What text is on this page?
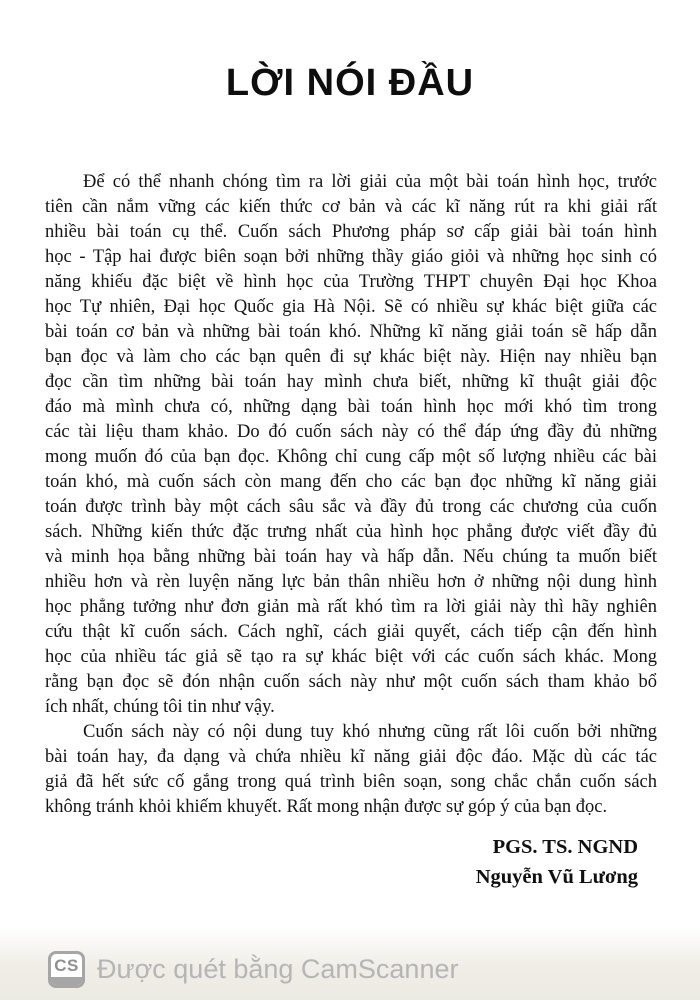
LỜI NÓI ĐẦU
Để có thể nhanh chóng tìm ra lời giải của một bài toán hình học, trước
tiên cần nắm vững các kiến thức cơ bản và các kĩ năng rút ra khi giải rất
nhiều bài toán cụ thể. Cuốn sách Phương pháp sơ cấp giải bài toán hình
học - Tập hai được biên soạn bởi những thầy giáo giỏi và những học sinh có
năng khiếu đặc biệt về hình học của Trường THPT chuyên Đại học Khoa
học Tự nhiên, Đại học Quốc gia Hà Nội. Sẽ có nhiều sự khác biệt giữa các
bài toán cơ bản và những bài toán khó. Những kĩ năng giải toán sẽ hấp dẫn
bạn đọc và làm cho các bạn quên đi sự khác biệt này. Hiện nay nhiều bạn
đọc cần tìm những bài toán hay mình chưa biết, những kĩ thuật giải độc
đáo mà mình chưa có, những dạng bài toán hình học mới khó tìm trong
các tài liệu tham khảo. Do đó cuốn sách này có thể đáp ứng đầy đủ những
mong muốn đó của bạn đọc. Không chỉ cung cấp một số lượng nhiều các bài
toán khó, mà cuốn sách còn mang đến cho các bạn đọc những kĩ năng giải
toán được trình bày một cách sâu sắc và đầy đủ trong các chương của cuốn
sách. Những kiến thức đặc trưng nhất của hình học phẳng được viết đầy đủ
và minh họa bằng những bài toán hay và hấp dẫn. Nếu chúng ta muốn biết
nhiều hơn và rèn luyện năng lực bản thân nhiều hơn ở những nội dung hình
học phẳng tưởng như đơn giản mà rất khó tìm ra lời giải này thì hãy nghiên
cứu thật kĩ cuốn sách. Cách nghĩ, cách giải quyết, cách tiếp cận đến hình
học của nhiều tác giả sẽ tạo ra sự khác biệt với các cuốn sách khác. Mong
rằng bạn đọc sẽ đón nhận cuốn sách này như một cuốn sách tham khảo bổ
ích nhất, chúng tôi tin như vậy.
Cuốn sách này có nội dung tuy khó nhưng cũng rất lôi cuốn bởi những
bài toán hay, đa dạng và chứa nhiều kĩ năng giải độc đáo. Mặc dù các tác
giả đã hết sức cố gắng trong quá trình biên soạn, song chắc chắn cuốn sách
không tránh khỏi khiếm khuyết. Rất mong nhận được sự góp ý của bạn đọc.
PGS. TS. NGND
Nguyễn Vũ Lương
CS Được quét bằng CamScanner
